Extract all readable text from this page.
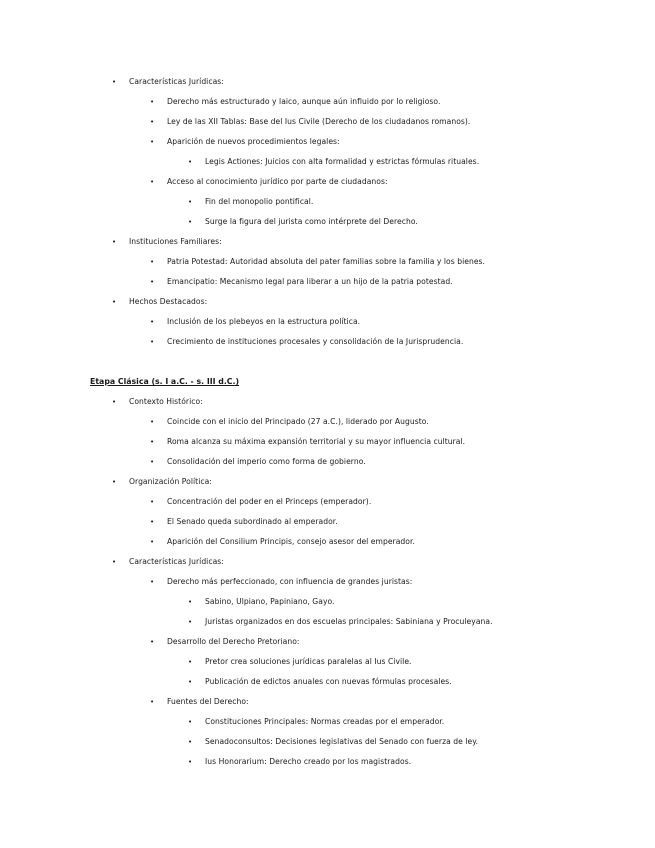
• Características Jurídicas:
• Derecho más estructurado y laico, aunque aún influido por lo religioso.
• Ley de las XII Tablas: Base del Ius Civile (Derecho de los ciudadanos romanos).
• Aparición de nuevos procedimientos legales:
• Legis Actiones: Juicios con alta formalidad y estrictas fórmulas rituales.
• Acceso al conocimiento jurídico por parte de ciudadanos:
• Fin del monopolio pontifical.
• Surge la figura del jurista como intérprete del Derecho.
• Instituciones Familiares:
• Patria Potestad: Autoridad absoluta del pater familias sobre la familia y los bienes.
• Emancipatio: Mecanismo legal para liberar a un hijo de la patria potestad.
• Hechos Destacados:
• Inclusión de los plebeyos en la estructura política.
• Crecimiento de instituciones procesales y consolidación de la Jurisprudencia.
Etapa Clásica (s. I a.C. - s. III d.C.)
• Contexto Histórico:
• Coincide con el inicio del Principado (27 a.C.), liderado por Augusto.
• Roma alcanza su máxima expansión territorial y su mayor influencia cultural.
• Consolidación del imperio como forma de gobierno.
• Organización Política:
• Concentración del poder en el Princeps (emperador).
• El Senado queda subordinado al emperador.
• Aparición del Consilium Principis, consejo asesor del emperador.
• Características Jurídicas:
• Derecho más perfeccionado, con influencia de grandes juristas:
• Sabino, Ulpiano, Papiniano, Gayo.
• Juristas organizados en dos escuelas principales: Sabiniana y Proculeyana.
• Desarrollo del Derecho Pretoriano:
• Pretor crea soluciones jurídicas paralelas al Ius Civile.
• Publicación de edictos anuales con nuevas fórmulas procesales.
• Fuentes del Derecho:
• Constituciones Principales: Normas creadas por el emperador.
• Senadoconsultos: Decisiones legislativas del Senado con fuerza de ley.
• Ius Honorarium: Derecho creado por los magistrados.
